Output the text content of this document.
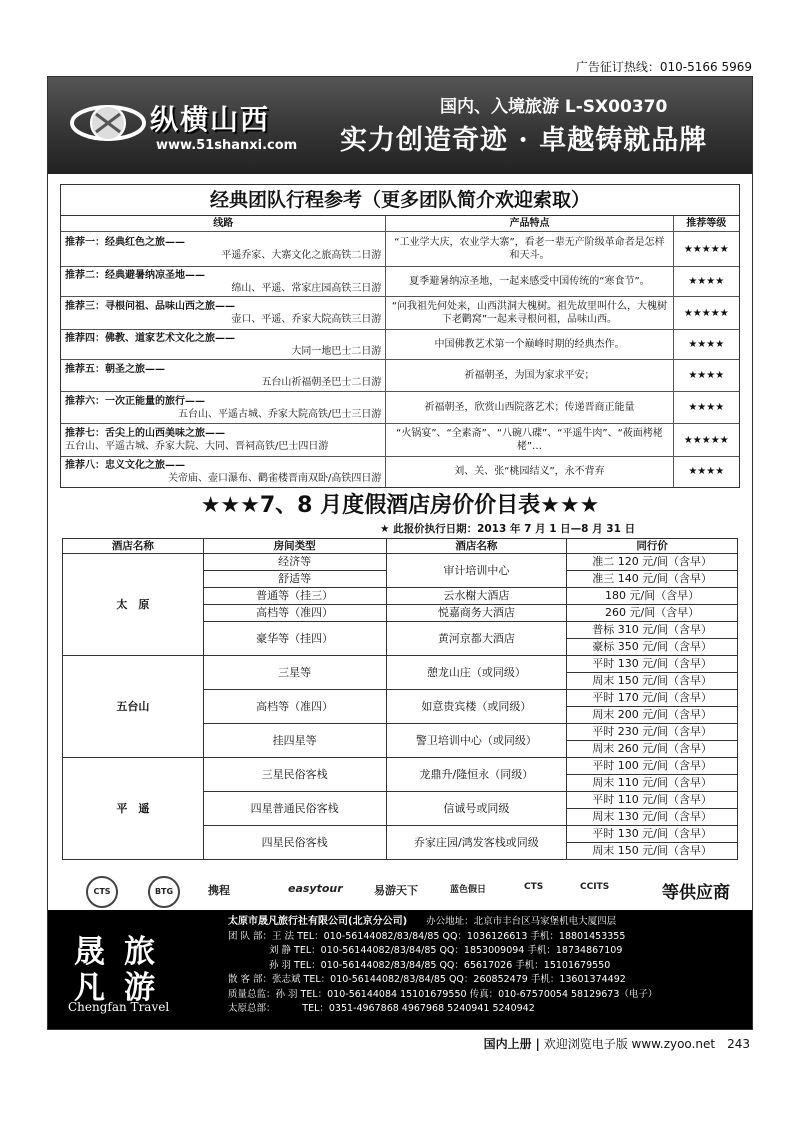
广告征订热线：010-5166 5969
纵横山西
www.51shanxi.com
国内、入境旅游 L-SX00370
实力创造奇迹 · 卓越铸就品牌
经典团队行程参考（更多团队简介欢迎索取）
线路	产品特点	推荐等级

推荐一：经典红色之旅——
平遥乔家、大寨文化之旅高铁二日游	“工业学大庆，农业学大寨”，看老一辈无产阶级革命者是怎样和天斗。	★★★★★

推荐二：经典避暑纳凉圣地——
绵山、平遥、常家庄园高铁三日游	夏季避暑纳凉圣地，一起来感受中国传统的“寒食节”。	★★★★

推荐三：寻根问祖、品味山西之旅——
壶口、平遥、乔家大院高铁三日游	“问我祖先何处来，山西洪洞大槐树。祖先故里叫什么，大槐树下老鹳窝”一起来寻根问祖，品味山西。	★★★★★

推荐四：佛教、道家艺术文化之旅——
大同一地巴士二日游	中国佛教艺术第一个巅峰时期的经典杰作。	★★★★

推荐五：朝圣之旅——
五台山祈福朝圣巴士二日游	祈福朝圣，为国为家求平安；	★★★★

推荐六：一次正能量的旅行——
五台山、平遥古城、乔家大院高铁/巴士三日游	祈福朝圣，欣赏山西院落艺术；传递晋商正能量	★★★★

推荐七：舌尖上的山西美味之旅——
五台山、平遥古城、乔家大院、大同、晋祠高铁/巴士四日游	“火锅宴”、“全素斋”、“八碗八碟”、“平遥牛肉”、“莜面栲栳栳”…	★★★★★

推荐八：忠义文化之旅——
关帝庙、壶口瀑布、鹳雀楼晋南双卧/高铁四日游	刘、关、张“桃园结义”，永不背弃	★★★★
★★★7、8 月度假酒店房价价目表★★★
★ 此报价执行日期：2013 年 7 月 1 日—8 月 31 日
酒店名称	房间类型	酒店名称	同行价
太　原	经济等	审计培训中心	准二 120 元/间（含早）
	舒适等		准三 140 元/间（含早）
	普通等（挂三）	云水榭大酒店	180 元/间（含早）
	高档等（准四）	悦嘉商务大酒店	260 元/间（含早）
	豪华等（挂四）	黄河京都大酒店	普标 310 元/间（含早）
			豪标 350 元/间（含早）
五台山	三星等	憩龙山庄（或同级）	平时 130 元/间（含早）
			周末 150 元/间（含早）
	高档等（准四）	如意贵宾楼（或同级）	平时 170 元/间（含早）
			周末 200 元/间（含早）
	挂四星等	警卫培训中心（或同级）	平时 230 元/间（含早）
			周末 260 元/间（含早）
平　遥	三星民俗客栈	龙鼎升/隆恒永（同级）	平时 100 元/间（含早）
			周末 110 元/间（含早）
	四星普通民俗客栈	信诚号或同级	平时 110 元/间（含早）
			周末 130 元/间（含早）
	四星民俗客栈	乔家庄园/鸿发客栈或同级	平时 130 元/间（含早）
			周末 150 元/间（含早）
CTS	BTG	携程	easytour	易游天下	蓝色假日	CTS	CCITS	等供应商
晟 旅
凡 游
Chengfan Travel
太原市晟凡旅行社有限公司(北京分公司)　　 办公地址：北京市丰台区马家堡机电大厦四层
团 队 部：王 法 TEL：010-56144082/83/84/85 QQ：1036126613 手机：18801453355
　　　　 刘 静 TEL：010-56144082/83/84/85 QQ：1853009094 手机：18734867109
　　　　 孙 羽 TEL：010-56144082/83/84/85 QQ：65617026 手机：15101679550
散 客 部：张志斌 TEL：010-56144082/83/84/85 QQ：260852479 手机：13601374492
质量总监：孙 羽 TEL：010-56144084 15101679550 传真：010-67570054 58129673（电子）
太原总部：　　　 TEL：0351-4967868 4967968 5240941 5240942
国内上册 | 欢迎浏览电子版 www.zyoo.net　 243
